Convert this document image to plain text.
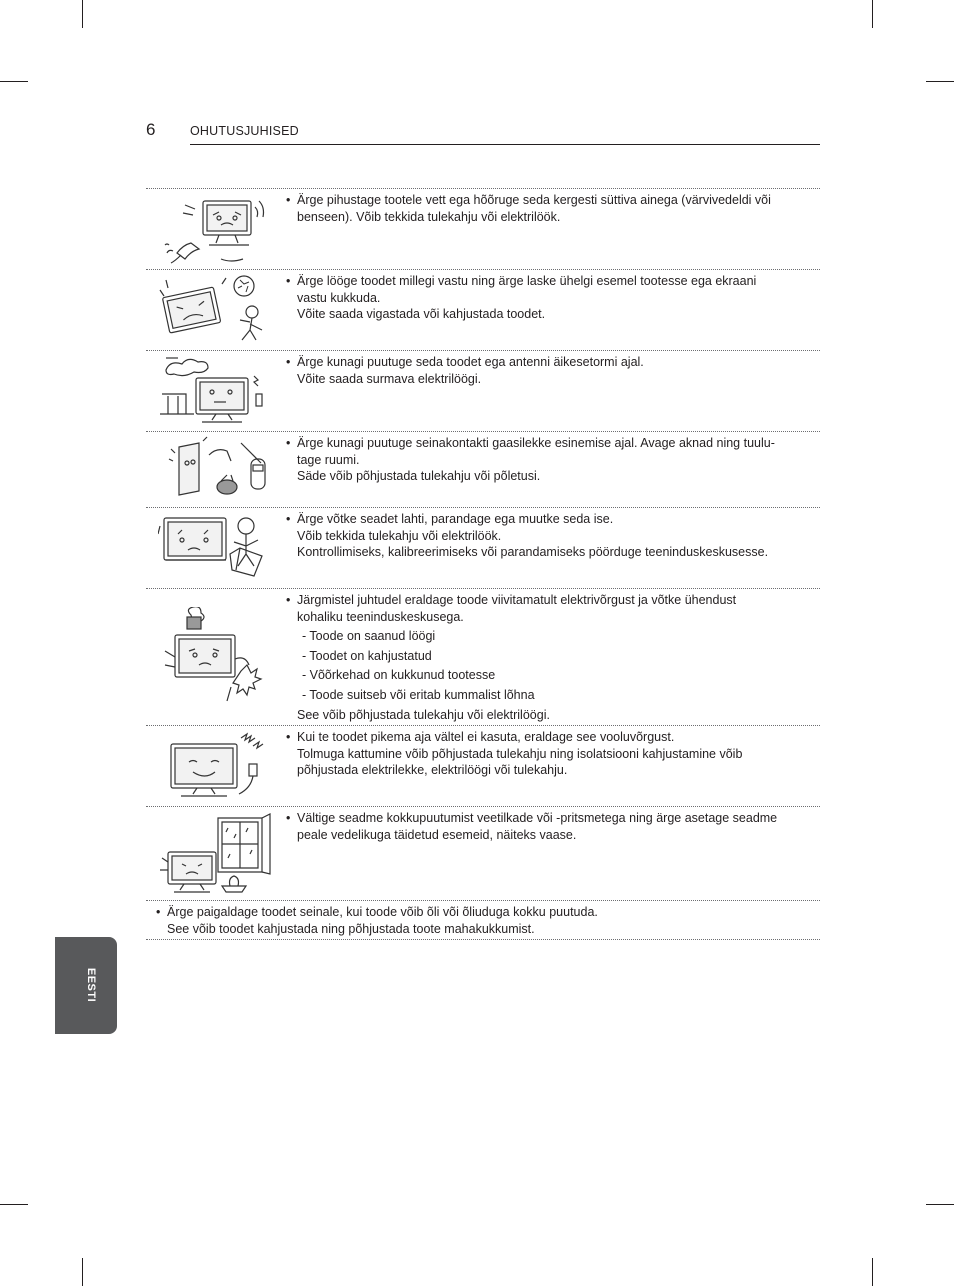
6	OHUTUSJUHISED
EESTI
• Ärge pihustage tootele vett ega hõõruge seda kergesti süttiva ainega (värvivedeldi või
benseen). Võib tekkida tulekahju või elektrilöök.
• Ärge lööge toodet millegi vastu ning ärge laske ühelgi esemel tootesse ega ekraani
vastu kukkuda.
Võite saada vigastada või kahjustada toodet.
• Ärge kunagi puutuge seda toodet ega antenni äikesetormi ajal.
Võite saada surmava elektrilöögi.
• Ärge kunagi puutuge seinakontakti gaasilekke esinemise ajal. Avage aknad ning tuulu-
tage ruumi.
Säde võib põhjustada tulekahju või põletusi.
• Ärge võtke seadet lahti, parandage ega muutke seda ise.
Võib tekkida tulekahju või elektrilöök.
Kontrollimiseks, kalibreerimiseks või parandamiseks pöörduge teeninduskeskusesse.
• Järgmistel juhtudel eraldage toode viivitamatult elektrivõrgust ja võtke ühendust
kohaliku teeninduskeskusega.
- Toode on saanud löögi
- Toodet on kahjustatud
- Võõrkehad on kukkunud tootesse
- Toode suitseb või eritab kummalist lõhna
See võib põhjustada tulekahju või elektrilöögi.
• Kui te toodet pikema aja vältel ei kasuta, eraldage see vooluvõrgust.
Tolmuga kattumine võib põhjustada tulekahju ning isolatsiooni kahjustamine võib
põhjustada elektrilekke, elektrilöögi või tulekahju.
• Vältige seadme kokkupuutumist veetilkade või -pritsmetega ning ärge asetage seadme
peale vedelikuga täidetud esemeid, näiteks vaase.
• Ärge paigaldage toodet seinale, kui toode võib õli või õliuduga kokku puutuda.
See võib toodet kahjustada ning põhjustada toote mahakukkumist.
